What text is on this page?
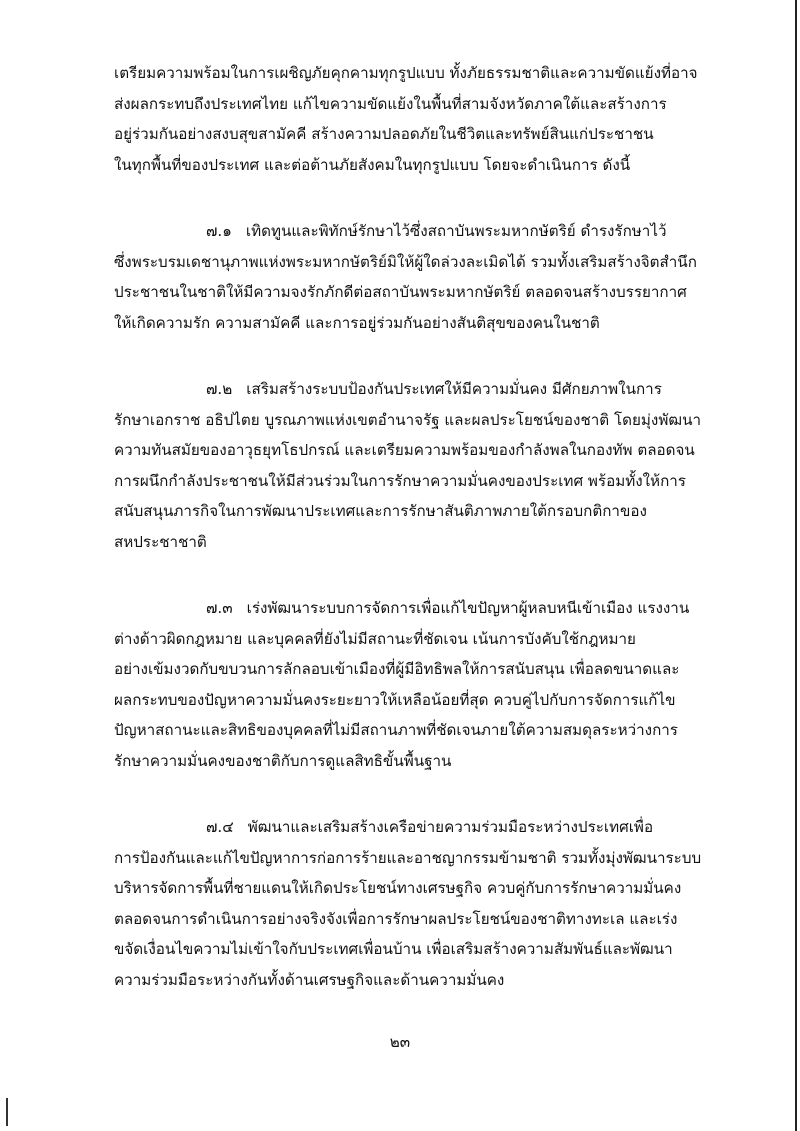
เตรียมความพร้อมในการเผชิญภัยคุกคามทุกรูปแบบ ทั้งภัยธรรมชาติและความขัดแย้งที่อาจ
ส่งผลกระทบถึงประเทศไทย แก้ไขความขัดแย้งในพื้นที่สามจังหวัดภาคใต้และสร้างการ
อยู่ร่วมกันอย่างสงบสุขสามัคคี สร้างความปลอดภัยในชีวิตและทรัพย์สินแก่ประชาชน
ในทุกพื้นที่ของประเทศ และต่อต้านภัยสังคมในทุกรูปแบบ โดยจะดำเนินการ ดังนี้
๗.๑ เทิดทูนและพิทักษ์รักษาไว้ซึ่งสถาบันพระมหากษัตริย์ ดำรงรักษาไว้
ซึ่งพระบรมเดชานุภาพแห่งพระมหากษัตริย์มิให้ผู้ใดล่วงละเมิดได้ รวมทั้งเสริมสร้างจิตสำนึก
ประชาชนในชาติให้มีความจงรักภักดีต่อสถาบันพระมหากษัตริย์ ตลอดจนสร้างบรรยากาศ
ให้เกิดความรัก ความสามัคคี และการอยู่ร่วมกันอย่างสันติสุขของคนในชาติ
๗.๒ เสริมสร้างระบบป้องกันประเทศให้มีความมั่นคง มีศักยภาพในการ
รักษาเอกราช อธิปไตย บูรณภาพแห่งเขตอำนาจรัฐ และผลประโยชน์ของชาติ โดยมุ่งพัฒนา
ความทันสมัยของอาวุธยุทโธปกรณ์ และเตรียมความพร้อมของกำลังพลในกองทัพ ตลอดจน
การผนึกกำลังประชาชนให้มีส่วนร่วมในการรักษาความมั่นคงของประเทศ พร้อมทั้งให้การ
สนับสนุนภารกิจในการพัฒนาประเทศและการรักษาสันติภาพภายใต้กรอบกติกาของ
สหประชาชาติ
๗.๓ เร่งพัฒนาระบบการจัดการเพื่อแก้ไขปัญหาผู้หลบหนีเข้าเมือง แรงงาน
ต่างด้าวผิดกฎหมาย และบุคคลที่ยังไม่มีสถานะที่ชัดเจน เน้นการบังคับใช้กฎหมาย
อย่างเข้มงวดกับขบวนการลักลอบเข้าเมืองที่ผู้มีอิทธิพลให้การสนับสนุน เพื่อลดขนาดและ
ผลกระทบของปัญหาความมั่นคงระยะยาวให้เหลือน้อยที่สุด ควบคู่ไปกับการจัดการแก้ไข
ปัญหาสถานะและสิทธิของบุคคลที่ไม่มีสถานภาพที่ชัดเจนภายใต้ความสมดุลระหว่างการ
รักษาความมั่นคงของชาติกับการดูแลสิทธิขั้นพื้นฐาน
๗.๔ พัฒนาและเสริมสร้างเครือข่ายความร่วมมือระหว่างประเทศเพื่อ
การป้องกันและแก้ไขปัญหาการก่อการร้ายและอาชญากรรมข้ามชาติ รวมทั้งมุ่งพัฒนาระบบ
บริหารจัดการพื้นที่ชายแดนให้เกิดประโยชน์ทางเศรษฐกิจ ควบคู่กับการรักษาความมั่นคง
ตลอดจนการดำเนินการอย่างจริงจังเพื่อการรักษาผลประโยชน์ของชาติทางทะเล และเร่ง
ขจัดเงื่อนไขความไม่เข้าใจกับประเทศเพื่อนบ้าน เพื่อเสริมสร้างความสัมพันธ์และพัฒนา
ความร่วมมือระหว่างกันทั้งด้านเศรษฐกิจและด้านความมั่นคง
๒๓
